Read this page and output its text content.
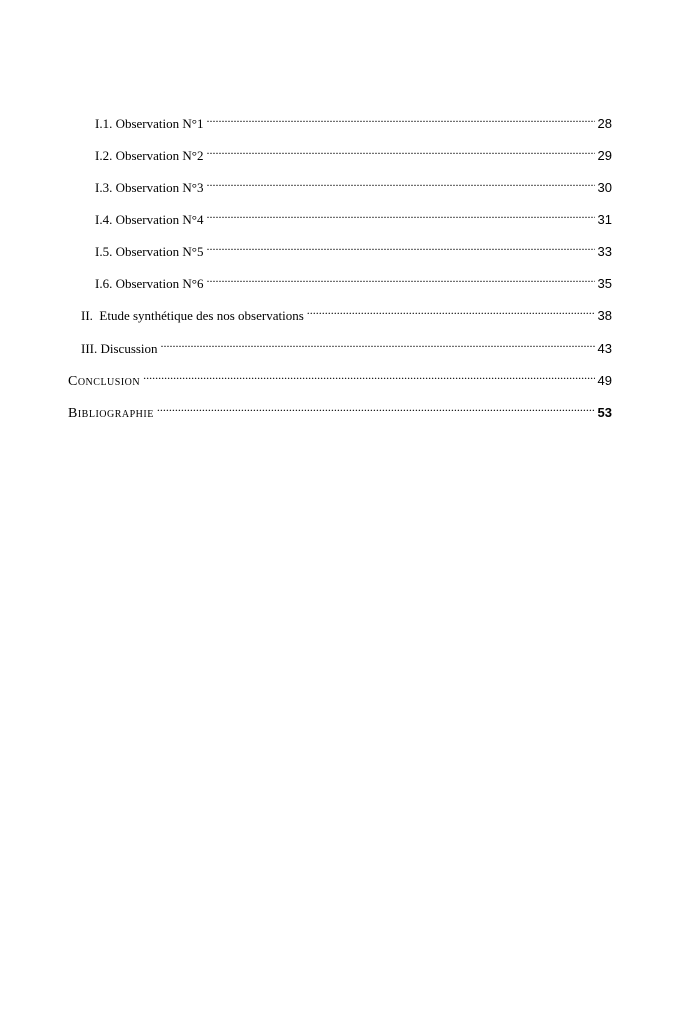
I.1. Observation N°1 .....	28
I.2. Observation N°2 .....	29
I.3. Observation N°3 .....	30
I.4. Observation N°4 .....	31
I.5. Observation N°5 .....	33
I.6. Observation N°6 .....	35
II.  Etude synthétique des nos observations .....	38
III. Discussion .....	43
Conclusion .....	49
Bibliographie .....	53
